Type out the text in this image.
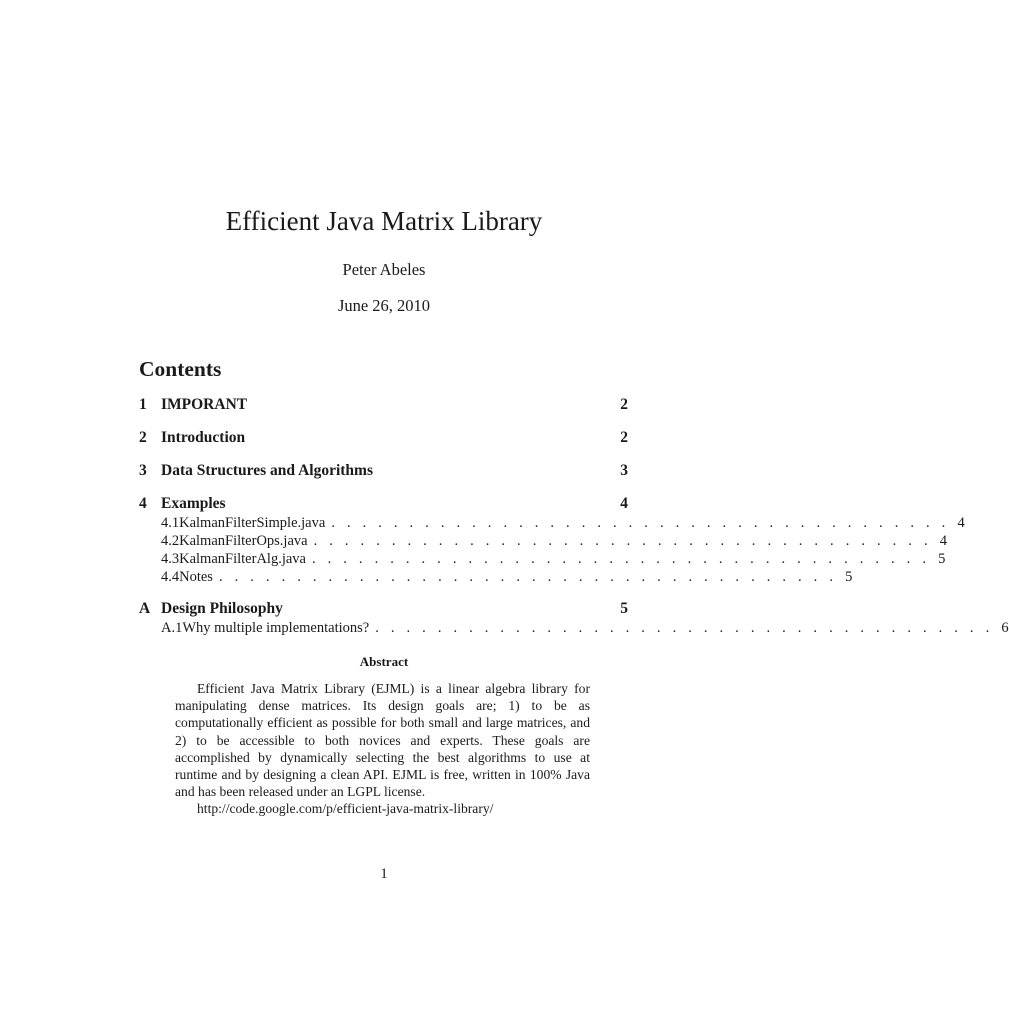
Efficient Java Matrix Library
Peter Abeles
June 26, 2010
Contents
1 IMPORANT	2
2 Introduction	2
3 Data Structures and Algorithms	3
4 Examples	4
4.1 KalmanFilterSimple.java . . . . . . . . . . . . . . . . . . . . . . . . . . . . . . . . . . . . . . . . 4
4.2 KalmanFilterOps.java . . . . . . . . . . . . . . . . . . . . . . . . . . . . . . . . . . . . . . . . 4
4.3 KalmanFilterAlg.java . . . . . . . . . . . . . . . . . . . . . . . . . . . . . . . . . . . . . . . . 5
4.4 Notes . . . . . . . . . . . . . . . . . . . . . . . . . . . . . . . . . . . . . . . . 5
A Design Philosophy	5
A.1 Why multiple implementations? . . . . . . . . . . . . . . . . . . . . . . . . . . . . . . . . . . . . . . . . 6
Abstract

Efficient Java Matrix Library (EJML) is a linear algebra library for manipulating dense matrices. Its design goals are; 1) to be as computationally efficient as possible for both small and large matrices, and 2) to be accessible to both novices and experts. These goals are accomplished by dynamically selecting the best algorithms to use at runtime and by designing a clean API. EJML is free, written in 100% Java and has been released under an LGPL license.

http://code.google.com/p/efficient-java-matrix-library/

1
